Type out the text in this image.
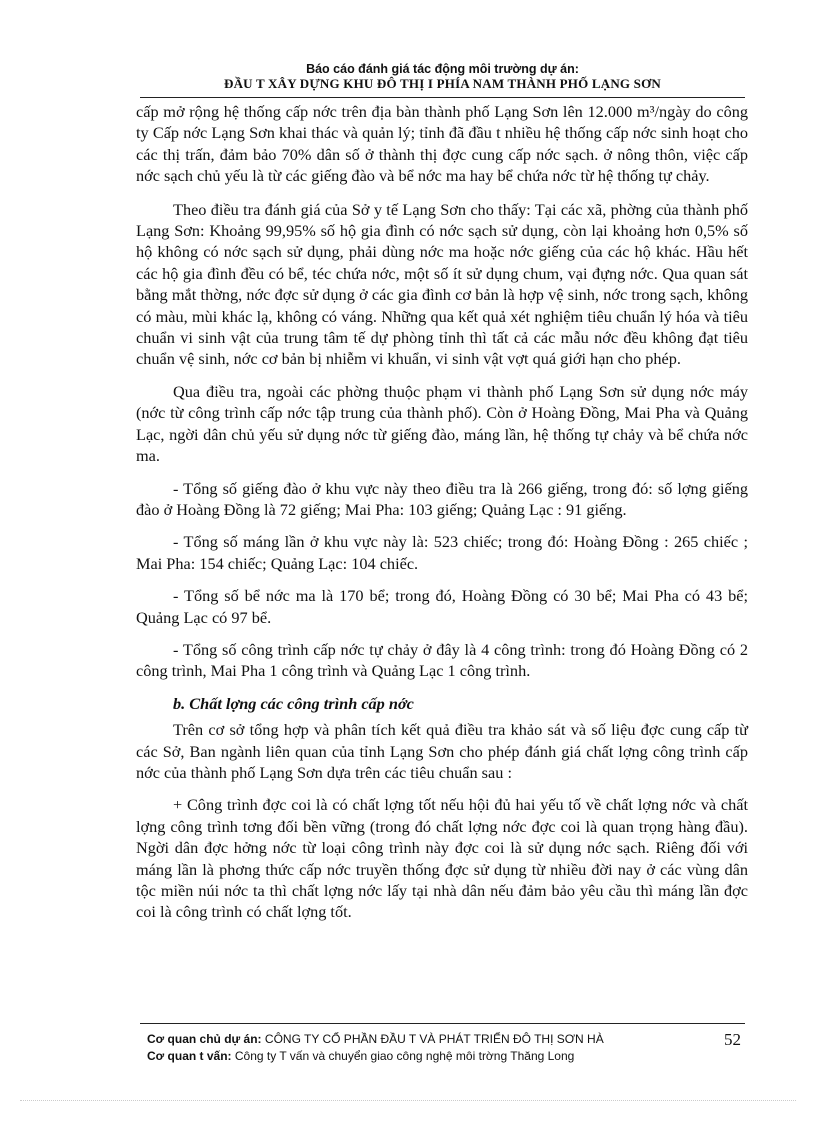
Báo cáo đánh giá tác động môi trường dự án:
ĐẦU T XÂY DỰNG KHU ĐÔ THỊ I PHÍA NAM THÀNH PHỐ LẠNG SƠN

cấp mở rộng hệ thống cấp nớc trên địa bàn thành phố Lạng Sơn lên 12.000 m³/ngày do công ty Cấp nớc Lạng Sơn khai thác và quản lý; tỉnh đã đầu t nhiều hệ thống cấp nớc sinh hoạt cho các thị trấn, đảm bảo 70% dân số ở thành thị đợc cung cấp nớc sạch. ở nông thôn, việc cấp nớc sạch chủ yếu là từ các giếng đào và bể nớc ma hay bể chứa nớc từ hệ thống tự chảy.

Theo điều tra đánh giá của Sở y tế Lạng Sơn cho thấy: Tại các xã, phờng của thành phố Lạng Sơn: Khoảng 99,95% số hộ gia đình có nớc sạch sử dụng, còn lại khoảng hơn 0,5% số hộ không có nớc sạch sử dụng, phải dùng nớc ma hoặc nớc giếng của các hộ khác. Hầu hết các hộ gia đình đều có bể, téc chứa nớc, một số ít sử dụng chum, vại đựng nớc. Qua quan sát bằng mắt thờng, nớc đợc sử dụng ở các gia đình cơ bản là hợp vệ sinh, nớc trong sạch, không có màu, mùi khác lạ, không có váng. Những qua kết quả xét nghiệm tiêu chuẩn lý hóa và tiêu chuẩn vi sinh vật của trung tâm tế dự phòng tỉnh thì tất cả các mẫu nớc đều không đạt tiêu chuẩn vệ sinh, nớc cơ bản bị nhiễm vi khuẩn, vi sinh vật vợt quá giới hạn cho phép.

Qua điều tra, ngoài các phờng thuộc phạm vi thành phố Lạng Sơn sử dụng nớc máy (nớc từ công trình cấp nớc tập trung của thành phố). Còn ở Hoàng Đồng, Mai Pha và Quảng Lạc, ngời dân chủ yếu sử dụng nớc từ giếng đào, máng lần, hệ thống tự chảy và bể chứa nớc ma.

- Tổng số giếng đào ở khu vực này theo điều tra là 266 giếng, trong đó: số lợng giếng đào ở Hoàng Đồng là 72 giếng; Mai Pha: 103 giếng; Quảng Lạc : 91 giếng.

- Tổng số máng lần ở khu vực này là: 523 chiếc; trong đó: Hoàng Đồng : 265 chiếc ; Mai Pha: 154 chiếc; Quảng Lạc: 104 chiếc.

- Tổng số bể nớc ma là 170 bể; trong đó, Hoàng Đồng có 30 bể; Mai Pha có 43 bể; Quảng Lạc có 97 bể.

- Tổng số công trình cấp nớc tự chảy ở đây là 4 công trình: trong đó Hoàng Đồng có 2 công trình, Mai Pha 1 công trình và Quảng Lạc 1 công trình.

b. Chất lợng các công trình cấp nớc

Trên cơ sở tổng hợp và phân tích kết quả điều tra khảo sát và số liệu đợc cung cấp từ các Sở, Ban ngành liên quan của tỉnh Lạng Sơn cho phép đánh giá chất lợng công trình cấp nớc của thành phố Lạng Sơn dựa trên các tiêu chuẩn sau :

+ Công trình đợc coi là có chất lợng tốt nếu hội đủ hai yếu tố về chất lợng nớc và chất lợng công trình tơng đối bền vững (trong đó chất lợng nớc đợc coi là quan trọng hàng đầu). Ngời dân đợc hởng nớc từ loại công trình này đợc coi là sử dụng nớc sạch. Riêng đối với máng lần là phơng thức cấp nớc truyền thống đợc sử dụng từ nhiều đời nay ở các vùng dân tộc miền núi nớc ta thì chất lợng nớc lấy tại nhà dân nếu đảm bảo yêu cầu thì máng lần đợc coi là công trình có chất lợng tốt.

Cơ quan chủ dự án: CÔNG TY CỔ PHẦN ĐẦU T VÀ PHÁT TRIỂN ĐÔ THỊ SƠN HÀ
Cơ quan t vấn: Công ty T vấn và chuyển giao công nghệ môi trờng Thăng Long
52
